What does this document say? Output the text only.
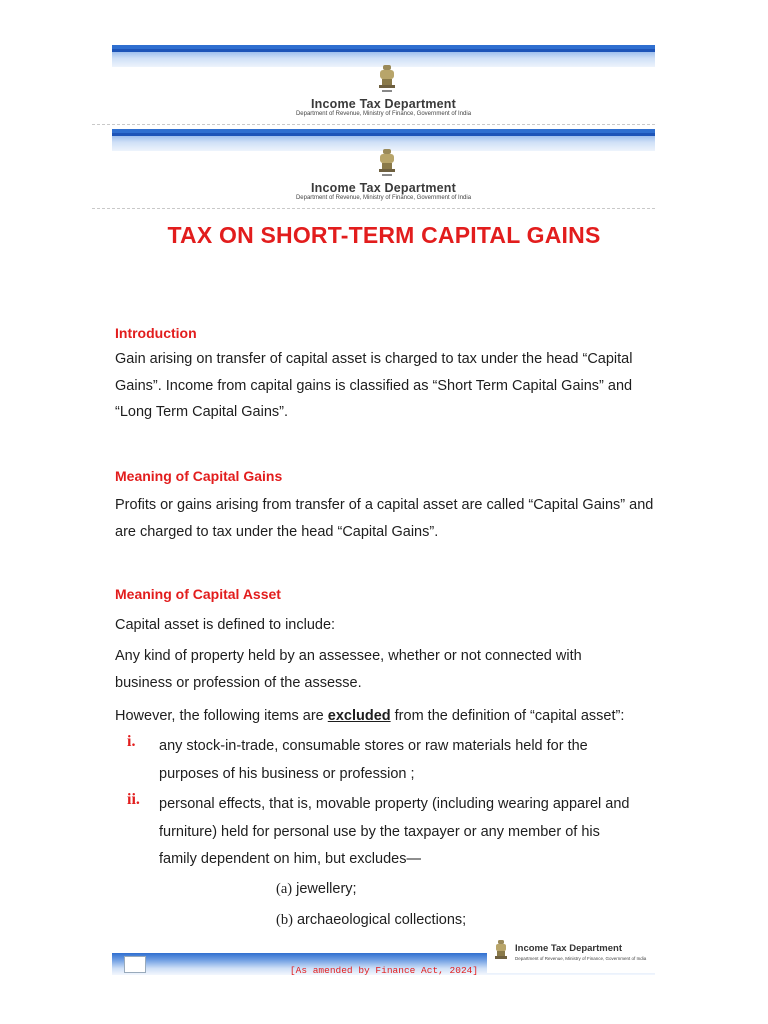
Income Tax Department
Department of Revenue, Ministry of Finance, Government of India
Income Tax Department
Department of Revenue, Ministry of Finance, Government of India
TAX ON SHORT-TERM CAPITAL GAINS
Introduction
Gain arising on transfer of capital asset is charged to tax under the head “Capital
Gains”. Income from capital gains is classified as “Short Term Capital Gains” and
“Long Term Capital Gains”.
Meaning of Capital Gains
Profits or gains arising from transfer of a capital asset are called “Capital Gains” and
are charged to tax under the head “Capital Gains”.
Meaning of Capital Asset
Capital asset is defined to include:
Any kind of property held by an assessee, whether or not connected with
business or profession of the assesse.
However, the following items are excluded from the definition of “capital asset”:
i. any stock-in-trade, consumable stores or raw materials held for the
purposes of his business or profession ;
ii. personal effects, that is, movable property (including wearing apparel and
furniture) held for personal use by the taxpayer or any member of his
family dependent on him, but excludes—
(a) jewellery;
(b) archaeological collections;
Income Tax Department
Department of Revenue, Ministry of Finance, Government of India
[As amended by Finance Act, 2024]
